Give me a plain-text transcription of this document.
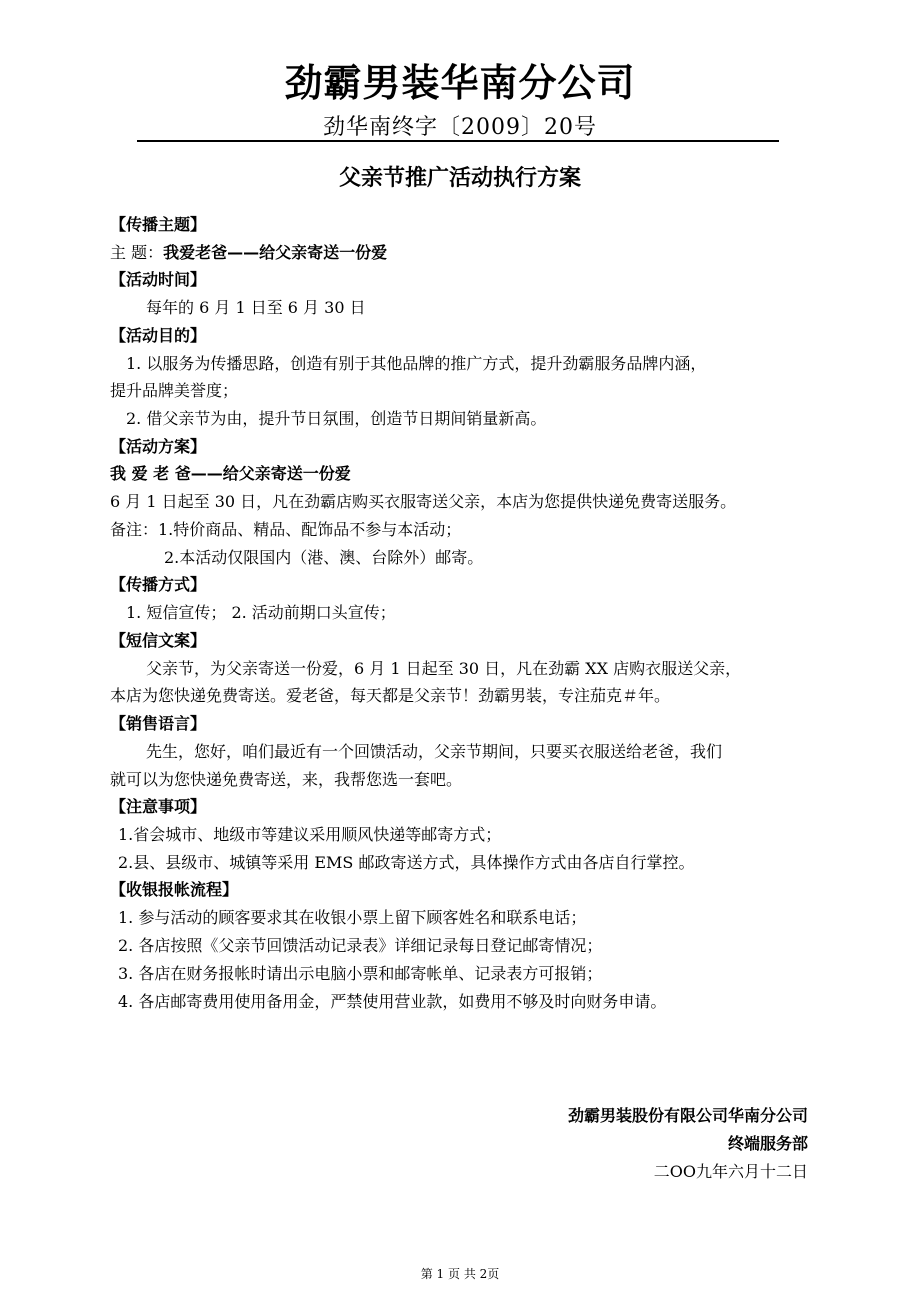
劲霸男装华南分公司
劲华南终字〔2009〕20号
父亲节推广活动执行方案
【传播主题】
主 题：我爱老爸——给父亲寄送一份爱
【活动时间】
每年的 6 月 1 日至 6 月 30 日
【活动目的】
1. 以服务为传播思路，创造有别于其他品牌的推广方式，提升劲霸服务品牌内涵，
提升品牌美誉度；
2. 借父亲节为由，提升节日氛围，创造节日期间销量新高。
【活动方案】
我 爱 老 爸——给父亲寄送一份爱
6 月 1 日起至 30 日，凡在劲霸店购买衣服寄送父亲，本店为您提供快递免费寄送服务。
备注：1.特价商品、精品、配饰品不参与本活动；
2.本活动仅限国内（港、澳、台除外）邮寄。
【传播方式】
1. 短信宣传； 2. 活动前期口头宣传；
【短信文案】
父亲节，为父亲寄送一份爱，6 月 1 日起至 30 日，凡在劲霸 XX 店购衣服送父亲，
本店为您快递免费寄送。爱老爸，每天都是父亲节！劲霸男装，专注茄克＃年。
【销售语言】
先生，您好，咱们最近有一个回馈活动，父亲节期间，只要买衣服送给老爸，我们
就可以为您快递免费寄送，来，我帮您选一套吧。
【注意事项】
1.省会城市、地级市等建议采用顺风快递等邮寄方式；
2.县、县级市、城镇等采用 EMS 邮政寄送方式，具体操作方式由各店自行掌控。
【收银报帐流程】
1. 参与活动的顾客要求其在收银小票上留下顾客姓名和联系电话；
2. 各店按照《父亲节回馈活动记录表》详细记录每日登记邮寄情况；
3. 各店在财务报帐时请出示电脑小票和邮寄帐单、记录表方可报销；
4. 各店邮寄费用使用备用金，严禁使用营业款，如费用不够及时向财务申请。
劲霸男装股份有限公司华南分公司
终端服务部
二OO九年六月十二日
第 1 页 共 2页
